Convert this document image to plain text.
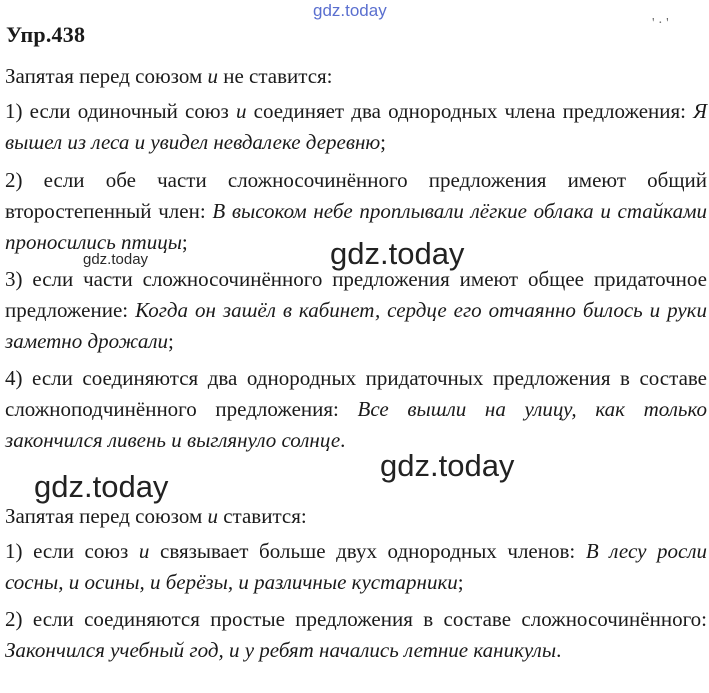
gdz.today
' · '
Упр.438
Запятая перед союзом и не ставится:
1) если одиночный союз и соединяет два однородных члена предложения: Я вышел из леса и увидел невдалеке деревню;
2) если обе части сложносочинённого предложения имеют общий второстепенный член: В высоком небе проплывали лёгкие облака и стайками проносились птицы;
3) если части сложносочинённого предложения имеют общее придаточное предложение: Когда он зашёл в кабинет, сердце его отчаянно билось и руки заметно дрожали;
4) если соединяются два однородных придаточных предложения в составе сложноподчинённого предложения: Все вышли на улицу, как только закончился ливень и выглянуло солнце.
Запятая перед союзом и ставится:
1) если союз и связывает больше двух однородных членов: В лесу росли сосны, и осины, и берёзы, и различные кустарники;
2) если соединяются простые предложения в составе сложносочинённого: Закончился учебный год, и у ребят начались летние каникулы.
gdz.today	gdz.today
gdz.today
gdz.today
